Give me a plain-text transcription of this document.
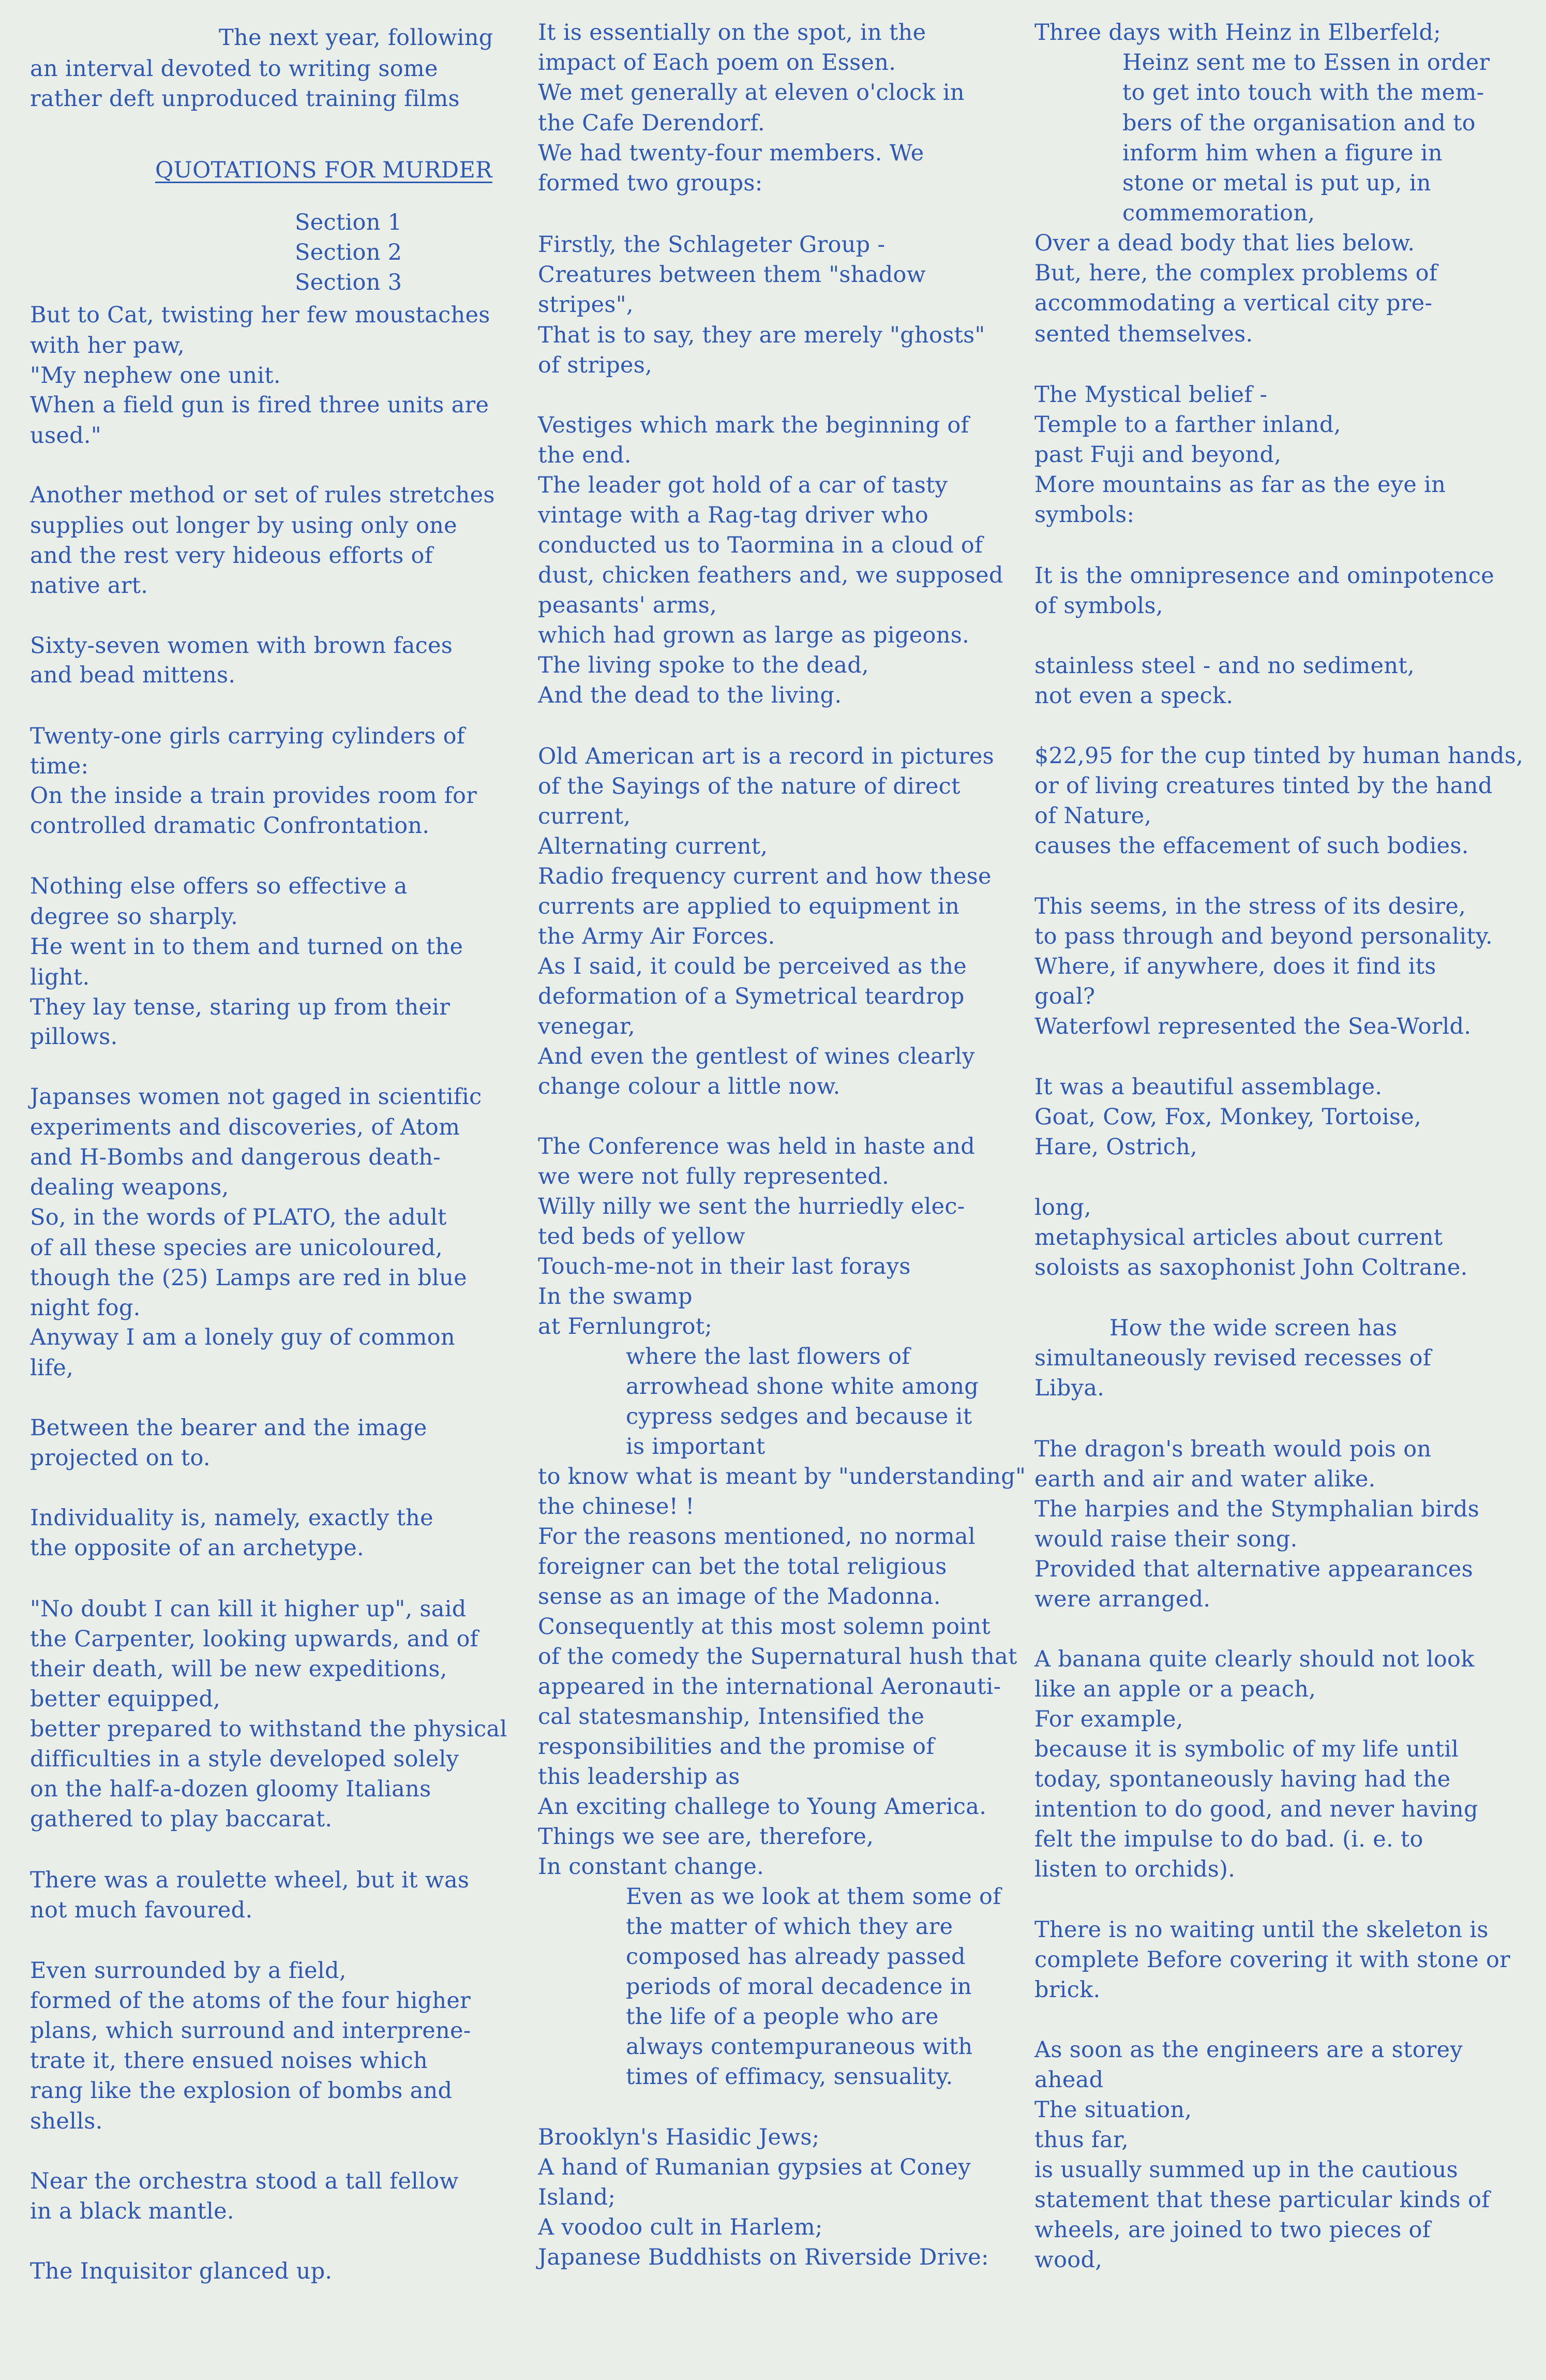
The next year, following
an interval devoted to writing some
rather deft unproduced training films
QUOTATIONS FOR MURDER
Section 1
Section 2
Section 3
But to Cat, twisting her few moustaches
with her paw,
"My nephew one unit.
When a field gun is fired three units are
used."
Another method or set of rules stretches
supplies out longer by using only one
and the rest very hideous efforts of
native art.
Sixty-seven women with brown faces
and bead mittens.
Twenty-one girls carrying cylinders of
time:
On the inside a train provides room for
controlled dramatic Confrontation.
Nothing else offers so effective a
degree so sharply.
He went in to them and turned on the
light.
They lay tense, staring up from their
pillows.
Japanses women not gaged in scientific
experiments and discoveries, of Atom
and H-Bombs and dangerous death-
dealing weapons,
So, in the words of PLATO, the adult
of all these species are unicoloured,
though the (25) Lamps are red in blue
night fog.
Anyway I am a lonely guy of common
life,
Between the bearer and the image
projected on to.
Individuality is, namely, exactly the
the opposite of an archetype.
"No doubt I can kill it higher up", said
the Carpenter, looking upwards, and of
their death, will be new expeditions,
better equipped,
better prepared to withstand the physical
difficulties in a style developed solely
on the half-a-dozen gloomy Italians
gathered to play baccarat.
There was a roulette wheel, but it was
not much favoured.
Even surrounded by a field,
formed of the atoms of the four higher
plans, which surround and interprene-
trate it, there ensued noises which
rang like the explosion of bombs and
shells.
Near the orchestra stood a tall fellow
in a black mantle.
The Inquisitor glanced up.
It is essentially on the spot, in the
impact of Each poem on Essen.
We met generally at eleven o'clock in
the Cafe Derendorf.
We had twenty-four members. We
formed two groups:
Firstly, the Schlageter Group -
Creatures between them "shadow
stripes",
That is to say, they are merely "ghosts"
of stripes,
Vestiges which mark the beginning of
the end.
The leader got hold of a car of tasty
vintage with a Rag-tag driver who
conducted us to Taormina in a cloud of
dust, chicken feathers and, we supposed
peasants' arms,
which had grown as large as pigeons.
The living spoke to the dead,
And the dead to the living.
Old American art is a record in pictures
of the Sayings of the nature of direct
current,
Alternating current,
Radio frequency current and how these
currents are applied to equipment in
the Army Air Forces.
As I said, it could be perceived as the
deformation of a Symetrical teardrop
venegar,
And even the gentlest of wines clearly
change colour a little now.
The Conference was held in haste and
we were not fully represented.
Willy nilly we sent the hurriedly elec-
ted beds of yellow
Touch-me-not in their last forays
In the swamp
at Fernlungrot;
where the last flowers of
arrowhead shone white among
cypress sedges and because it
is important
to know what is meant by "understanding"
the chinese! !
For the reasons mentioned, no normal
foreigner can bet the total religious
sense as an image of the Madonna.
Consequently at this most solemn point
of the comedy the Supernatural hush that
appeared in the international Aeronauti-
cal statesmanship, Intensified the
responsibilities and the promise of
this leadership as
An exciting challege to Young America.
Things we see are, therefore,
In constant change.
Even as we look at them some of
the matter of which they are
composed has already passed
periods of moral decadence in
the life of a people who are
always contempuraneous with
times of effimacy, sensuality.
Brooklyn's Hasidic Jews;
A hand of Rumanian gypsies at Coney
Island;
A voodoo cult in Harlem;
Japanese Buddhists on Riverside Drive:
Three days with Heinz in Elberfeld;
Heinz sent me to Essen in order
to get into touch with the mem-
bers of the organisation and to
inform him when a figure in
stone or metal is put up, in
commemoration,
Over a dead body that lies below.
But, here, the complex problems of
accommodating a vertical city pre-
sented themselves.
The Mystical belief -
Temple to a farther inland,
past Fuji and beyond,
More mountains as far as the eye in
symbols:
It is the omnipresence and ominpotence
of symbols,
stainless steel - and no sediment,
not even a speck.
$22,95 for the cup tinted by human hands,
or of living creatures tinted by the hand
of Nature,
causes the effacement of such bodies.
This seems, in the stress of its desire,
to pass through and beyond personality.
Where, if anywhere, does it find its
goal?
Waterfowl represented the Sea-World.
It was a beautiful assemblage.
Goat, Cow, Fox, Monkey, Tortoise,
Hare, Ostrich,
long,
metaphysical articles about current
soloists as saxophonist John Coltrane.
How the wide screen has
simultaneously revised recesses of
Libya.
The dragon's breath would pois on
earth and air and water alike.
The harpies and the Stymphalian birds
would raise their song.
Provided that alternative appearances
were arranged.
A banana quite clearly should not look
like an apple or a peach,
For example,
because it is symbolic of my life until
today, spontaneously having had the
intention to do good, and never having
felt the impulse to do bad. (i. e. to
listen to orchids).
There is no waiting until the skeleton is
complete Before covering it with stone or
brick.
As soon as the engineers are a storey
ahead
The situation,
thus far,
is usually summed up in the cautious
statement that these particular kinds of
wheels, are joined to two pieces of
wood,
